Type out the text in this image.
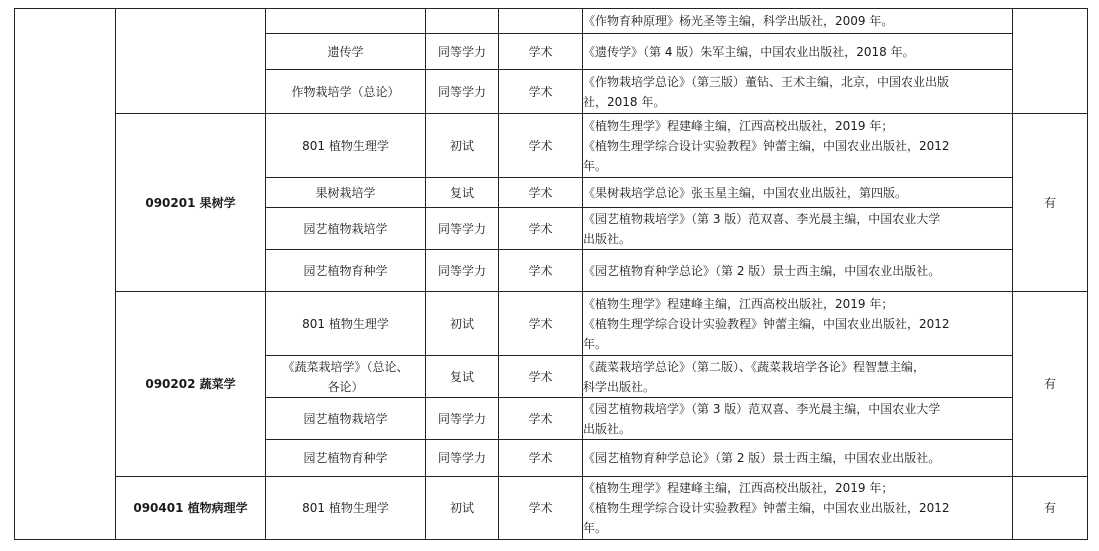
					《作物育种原理》杨光圣等主编，科学出版社，2009 年。	

		遗传学	同等学力	学术	《遗传学》（第 4 版）朱军主编，中国农业出版社，2018 年。	

		作物栽培学（总论）	同等学力	学术	《作物栽培学总论》（第三版）董钻、王术主编，北京，中国农业出版
社，2018 年。	

	090201 果树学	801 植物生理学	初试	学术	《植物生理学》程建峰主编，江西高校出版社，2019 年；
《植物生理学综合设计实验教程》钟蕾主编，中国农业出版社，2012
年。	有
		果树栽培学	复试	学术	《果树栽培学总论》张玉星主编，中国农业出版社，第四版。	

		园艺植物栽培学	同等学力	学术	《园艺植物栽培学》（第 3 版）范双喜、李光晨主编，中国农业大学
出版社。	

		园艺植物育种学	同等学力	学术	《园艺植物育种学总论》（第 2 版）景士西主编，中国农业出版社。	

	090202 蔬菜学	801 植物生理学	初试	学术	《植物生理学》程建峰主编，江西高校出版社，2019 年；
《植物生理学综合设计实验教程》钟蕾主编，中国农业出版社，2012
年。	有

		《蔬菜栽培学》（总论、
各论）	复试	学术	《蔬菜栽培学总论》（第二版）、《蔬菜栽培学各论》程智慧主编，
科学出版社。	

		园艺植物栽培学	同等学力	学术	《园艺植物栽培学》（第 3 版）范双喜、李光晨主编，中国农业大学
出版社。	

		园艺植物育种学	同等学力	学术	《园艺植物育种学总论》（第 2 版）景士西主编，中国农业出版社。	

	090401 植物病理学	801 植物生理学	初试	学术	《植物生理学》程建峰主编，江西高校出版社，2019 年；
《植物生理学综合设计实验教程》钟蕾主编，中国农业出版社，2012
年。	有
